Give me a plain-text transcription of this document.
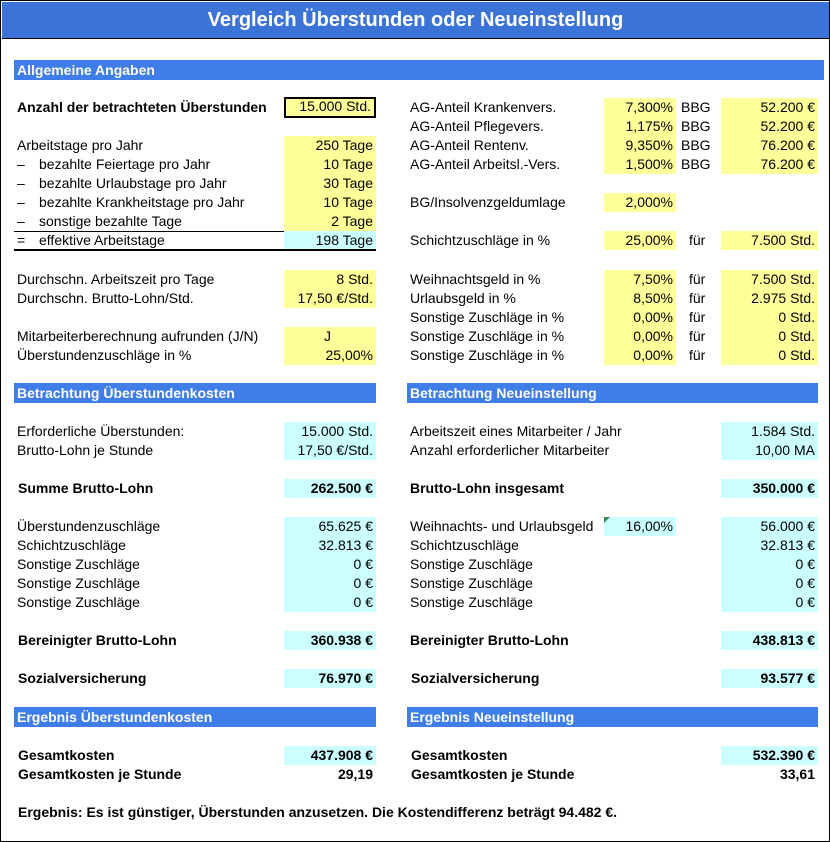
Vergleich Überstunden oder Neueinstellung
Allgemeine Angaben
Anzahl der betrachteten Überstunden	15.000 Std.
Arbeitstage pro Jahr	250 Tage
– bezahlte Feiertage pro Jahr	10 Tage
– bezahlte Urlaubstage pro Jahr	30 Tage
– bezahlte Krankheitstage pro Jahr	10 Tage
– sonstige bezahlte Tage	2 Tage
= effektive Arbeitstage	198 Tage
Durchschn. Arbeitszeit pro Tage	8 Std.
Durchschn. Brutto-Lohn/Std.	17,50 €/Std.
Mitarbeiterberechnung aufrunden (J/N)	J
Überstundenzuschläge in %	25,00%
AG-Anteil Krankenvers.	7,300% BBG	52.200 €
AG-Anteil Pflegevers.	1,175% BBG	52.200 €
AG-Anteil Rentenv.	9,350% BBG	76.200 €
AG-Anteil Arbeitsl.-Vers.	1,500% BBG	76.200 €
BG/Insolvenzgeldumlage	2,000%
Schichtzuschläge in %	25,00% für	7.500 Std.
Weihnachtsgeld in %	7,50% für	7.500 Std.
Urlaubsgeld in %	8,50% für	2.975 Std.
Sonstige Zuschläge in %	0,00% für	0 Std.
Sonstige Zuschläge in %	0,00% für	0 Std.
Sonstige Zuschläge in %	0,00% für	0 Std.
Betrachtung Überstundenkosten	Betrachtung Neueinstellung
Erforderliche Überstunden:	15.000 Std.
Brutto-Lohn je Stunde	17,50 €/Std.
Summe Brutto-Lohn	262.500 €
Überstundenzuschläge	65.625 €
Schichtzuschläge	32.813 €
Sonstige Zuschläge	0 €
Sonstige Zuschläge	0 €
Sonstige Zuschläge	0 €
Bereinigter Brutto-Lohn	360.938 €
Sozialversicherung	76.970 €
Arbeitszeit eines Mitarbeiter / Jahr	1.584 Std.
Anzahl erforderlicher Mitarbeiter	10,00 MA
Brutto-Lohn insgesamt	350.000 €
Weihnachts- und Urlaubsgeld	16,00%	56.000 €
Schichtzuschläge	32.813 €
Sonstige Zuschläge	0 €
Sonstige Zuschläge	0 €
Sonstige Zuschläge	0 €
Bereinigter Brutto-Lohn	438.813 €
Sozialversicherung	93.577 €
Ergebnis Überstundenkosten	Ergebnis Neueinstellung
Gesamtkosten	437.908 €
Gesamtkosten je Stunde	29,19
Gesamtkosten	532.390 €
Gesamtkosten je Stunde	33,61
Ergebnis: Es ist günstiger, Überstunden anzusetzen. Die Kostendifferenz beträgt 94.482 €.
